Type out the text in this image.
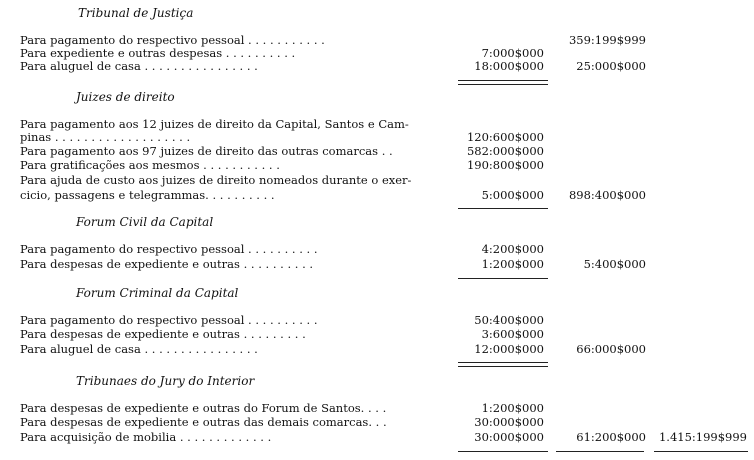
Tribunal de Justiça
Para pagamento do respectivo pessoal . . . . . . . . . . .	359:199$999
Para expediente e outras despesas . . . . . . . . . .	7:000$000
Para aluguel de casa . . . . . . . . . . . . . . . .	18:000$000	25:000$000
Juizes de direito
Para pagamento aos 12 juizes de direito da Capital, Santos e Cam-
pinas . . . . . . . . . . . . . . . . . . .	120:600$000
Para pagamento aos 97 juizes de direito das outras comarcas . .	582:000$000
Para gratificações aos mesmos . . . . . . . . . . .	190:800$000
Para ajuda de custo aos juizes de direito nomeados durante o exer-
cicio, passagens e telegrammas. . . . . . . . . .	5:000$000 898:400$000
Forum Civil da Capital
Para pagamento do respectivo pessoal . . . . . . . . . .	4:200$000
Para despesas de expediente e outras . . . . . . . . . .	1:200$000	5:400$000
Forum Criminal da Capital
Para pagamento do respectivo pessoal . . . . . . . . . .	50:400$000
Para despesas de expediente e outras . . . . . . . . .	3:600$000
Para aluguel de casa . . . . . . . . . . . . . . . .	12:000$000	66:000$000
Tribunaes do Jury do Interior
Para despesas de expediente e outras do Forum de Santos. . . .	1:200$000
Para despesas de expediente e outras das demais comarcas. . .	30:000$000
Para acquisição de mobilia . . . . . . . . . . . . .	30:000$000	61:200$000 1.415:199$999
